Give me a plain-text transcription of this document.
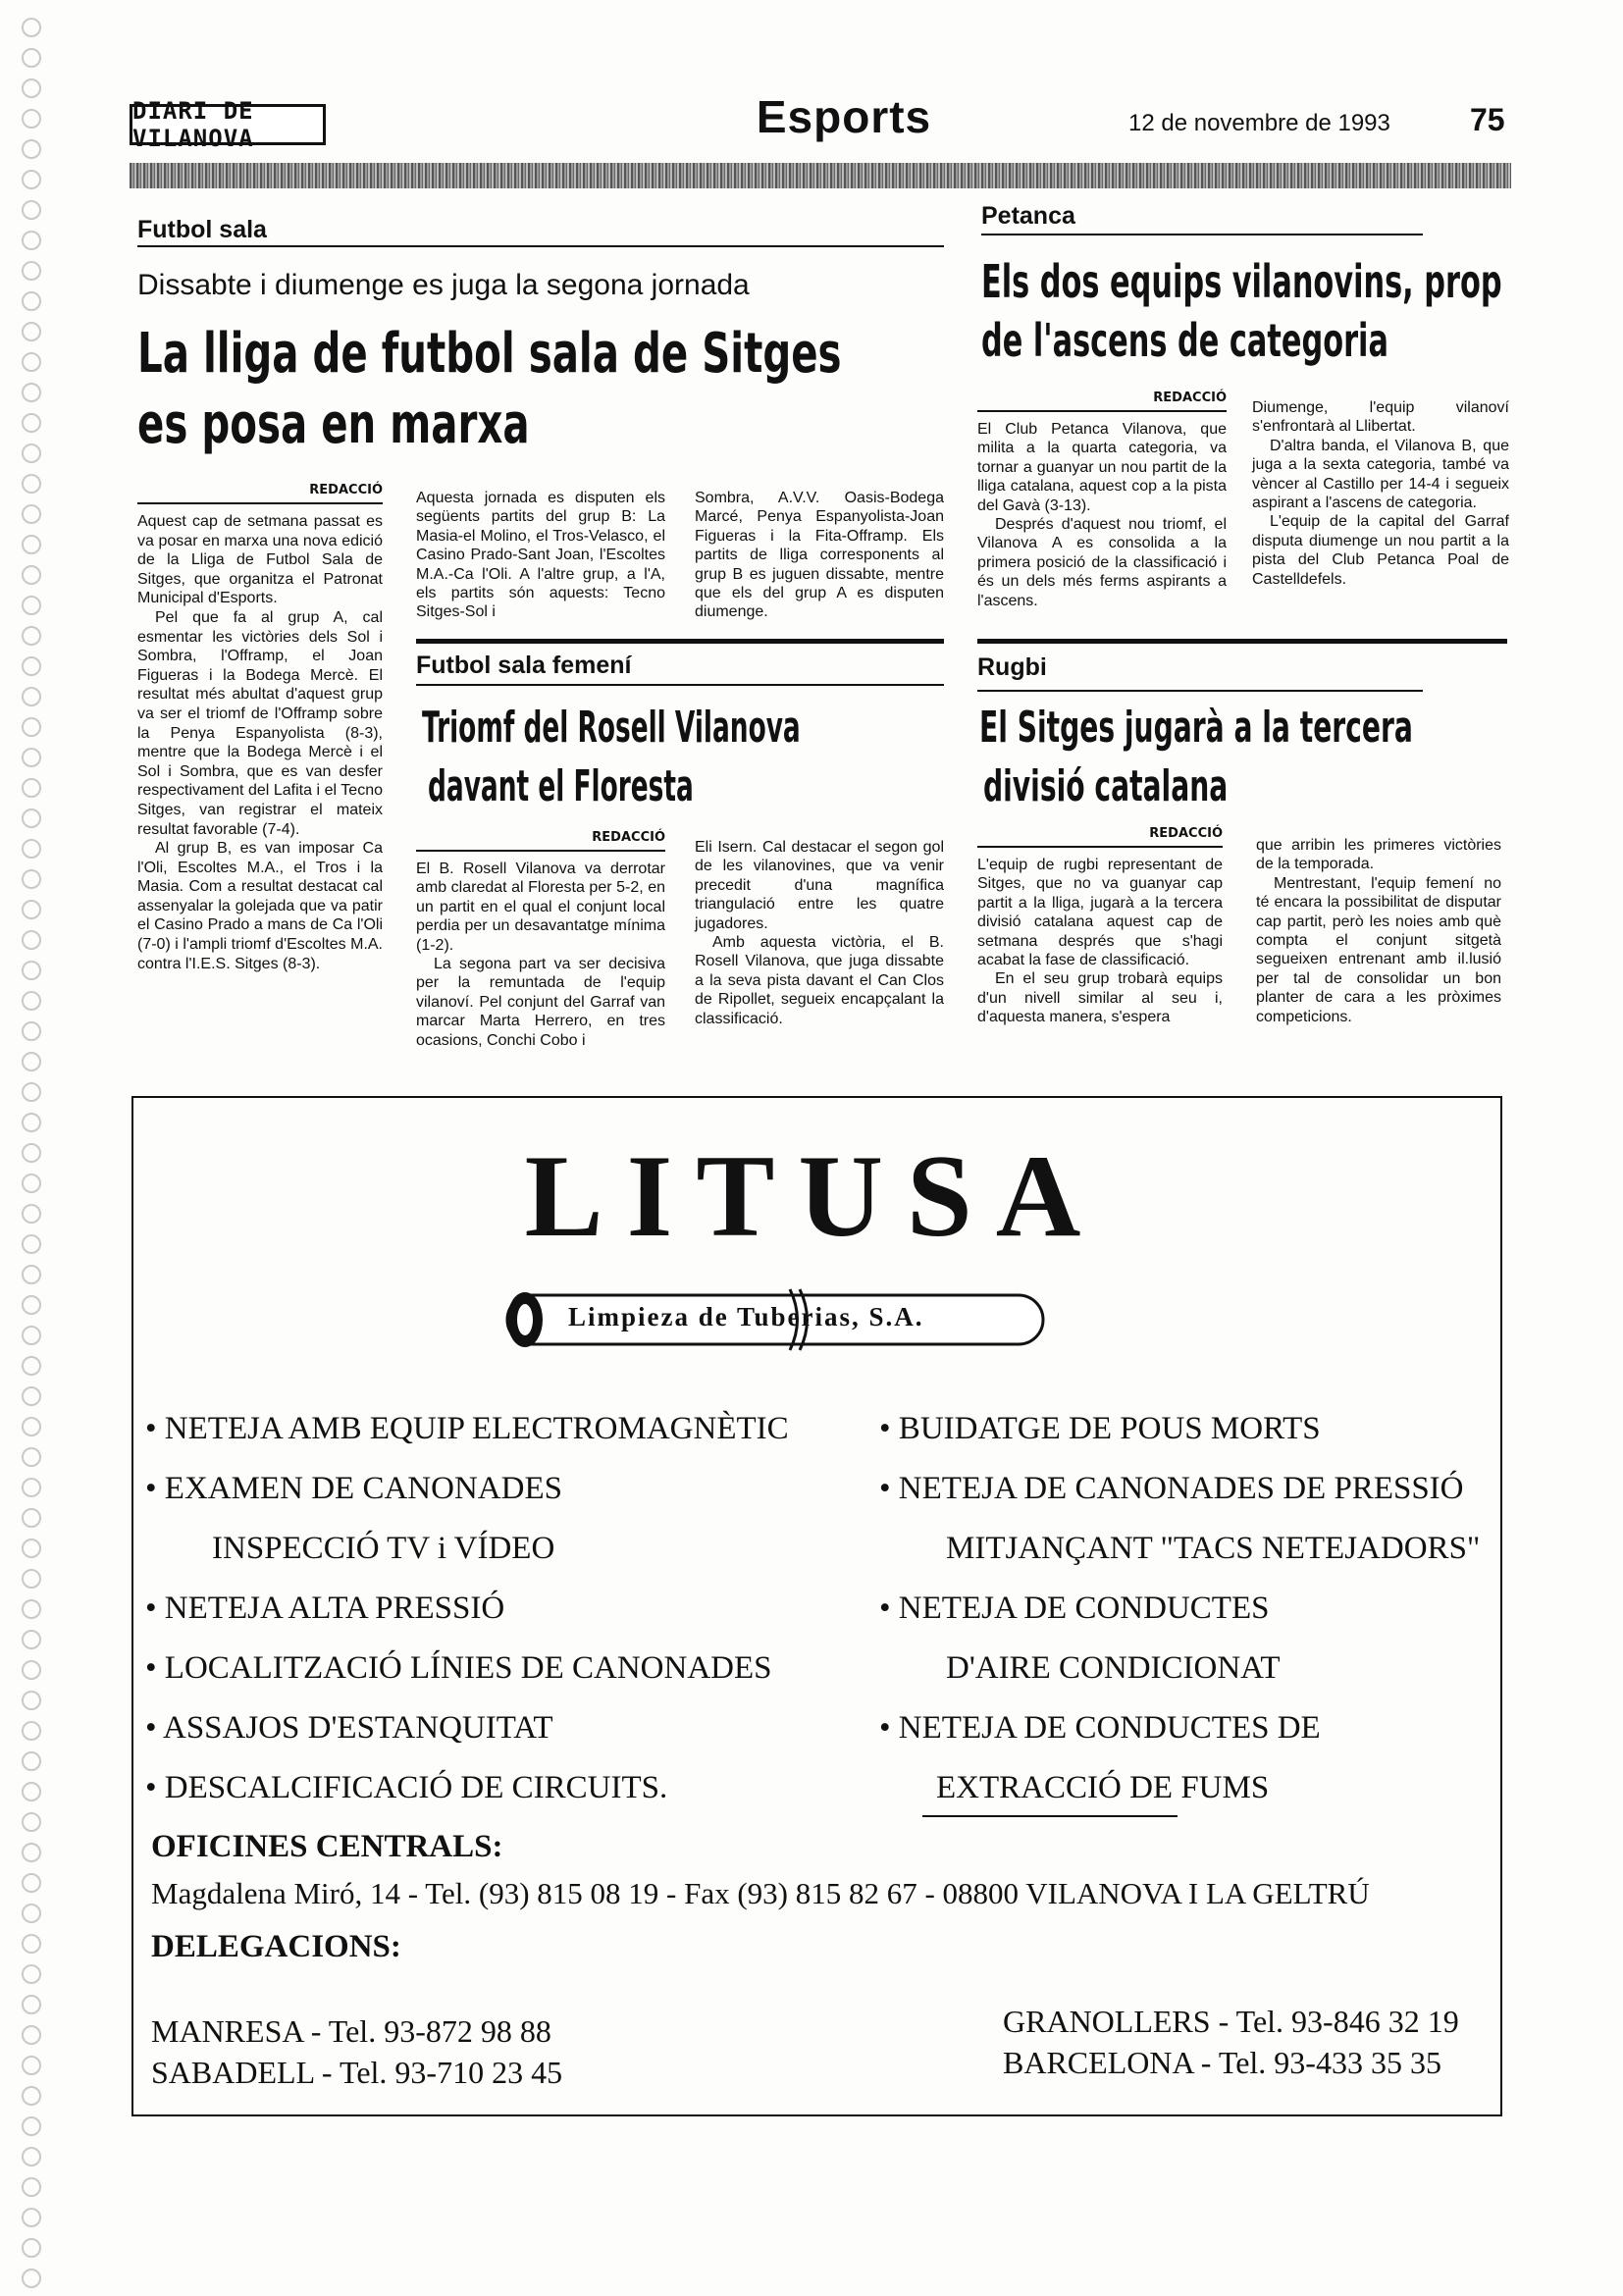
DIARI DE VILANOVA	Esports	12 de novembre de 1993	75
Futbol sala
Dissabte i diumenge es juga la segona jornada
La lliga de futbol sala de Sitges
es posa en marxa
REDACCIÓ

Aquest cap de setmana passat es va posar en marxa una nova edició de la Lliga de Futbol Sala de Sitges, que organitza el Patronat Municipal d'Esports.

Pel que fa al grup A, cal esmentar les victòries dels Sol i Sombra, l'Offramp, el Joan Figueras i la Bodega Mercè. El resultat més abultat d'aquest grup va ser el triomf de l'Offramp sobre la Penya Espanyolista (8-3), mentre que la Bodega Mercè i el Sol i Sombra, que es van desfer respectivament del Lafita i el Tecno Sitges, van registrar el mateix resultat favorable (7-4).

Al grup B, es van imposar Ca l'Oli, Escoltes M.A., el Tros i la Masia. Com a resultat destacat cal assenyalar la golejada que va patir el Casino Prado a mans de Ca l'Oli (7-0) i l'ampli triomf d'Escoltes M.A. contra l'I.E.S. Sitges (8-3).

Aquesta jornada es disputen els següents partits del grup B: La Masia-el Molino, el Tros-Velasco, el Casino Prado-Sant Joan, l'Escoltes M.A.-Ca l'Oli. A l'altre grup, a l'A, els partits són aquests: Tecno Sitges-Sol i

Sombra, A.V.V. Oasis-Bodega Marcé, Penya Espanyolista-Joan Figueras i la Fita-Offramp. Els partits de lliga corresponents al grup B es juguen dissabte, mentre que els del grup A es disputen diumenge.

Petanca
Els dos equips vilanovins, prop
de l'ascens de categoria
REDACCIÓ

El Club Petanca Vilanova, que milita a la quarta categoria, va tornar a guanyar un nou partit de la lliga catalana, aquest cop a la pista del Gavà (3-13).

Després d'aquest nou triomf, el Vilanova A es consolida a la primera posició de la classificació i és un dels més ferms aspirants a l'ascens.

Diumenge, l'equip vilanoví s'enfrontarà al Llibertat.

D'altra banda, el Vilanova B, que juga a la sexta categoria, també va vèncer al Castillo per 14-4 i segueix aspirant a l'ascens de categoria.

L'equip de la capital del Garraf disputa diumenge un nou partit a la pista del Club Petanca Poal de Castelldefels.

Futbol sala femení
Triomf del Rosell Vilanova
davant el Floresta
REDACCIÓ

El B. Rosell Vilanova va derrotar amb claredat al Floresta per 5-2, en un partit en el qual el conjunt local perdia per un desavantatge mínima (1-2).

La segona part va ser decisiva per la remuntada de l'equip vilanoví. Pel conjunt del Garraf van marcar Marta Herrero, en tres ocasions, Conchi Cobo i

Eli Isern. Cal destacar el segon gol de les vilanovines, que va venir precedit d'una magnífica triangulació entre les quatre jugadores.

Amb aquesta victòria, el B. Rosell Vilanova, que juga dissabte a la seva pista davant el Can Clos de Ripollet, segueix encapçalant la classificació.

Rugbi
El Sitges jugarà a la tercera
divisió catalana
REDACCIÓ

L'equip de rugbi representant de Sitges, que no va guanyar cap partit a la lliga, jugarà a la tercera divisió catalana aquest cap de setmana després que s'hagi acabat la fase de classificació.

En el seu grup trobarà equips d'un nivell similar al seu i, d'aquesta manera, s'espera

que arribin les primeres victòries de la temporada.

Mentrestant, l'equip femení no té encara la possibilitat de disputar cap partit, però les noies amb què compta el conjunt sitgetà segueixen entrenant amb il.lusió per tal de consolidar un bon planter de cara a les pròximes competicions.

LITUSA
Limpieza de Tuberias, S.A.
• NETEJA AMB EQUIP ELECTROMAGNÈTIC
• EXAMEN DE CANONADES
INSPECCIÓ TV i VÍDEO
• NETEJA ALTA PRESSIÓ
• LOCALITZACIÓ LÍNIES DE CANONADES
• ASSAJOS D'ESTANQUITAT
• DESCALCIFICACIÓ DE CIRCUITS.
• BUIDATGE DE POUS MORTS
• NETEJA DE CANONADES DE PRESSIÓ
MITJANÇANT "TACS NETEJADORS"
• NETEJA DE CONDUCTES
D'AIRE CONDICIONAT
• NETEJA DE CONDUCTES DE
EXTRACCIÓ DE FUMS
OFICINES CENTRALS:
Magdalena Miró, 14 - Tel. (93) 815 08 19 - Fax (93) 815 82 67 - 08800 VILANOVA I LA GELTRÚ
DELEGACIONS:
MANRESA - Tel. 93-872 98 88
SABADELL - Tel. 93-710 23 45
GRANOLLERS - Tel. 93-846 32 19
BARCELONA - Tel. 93-433 35 35
